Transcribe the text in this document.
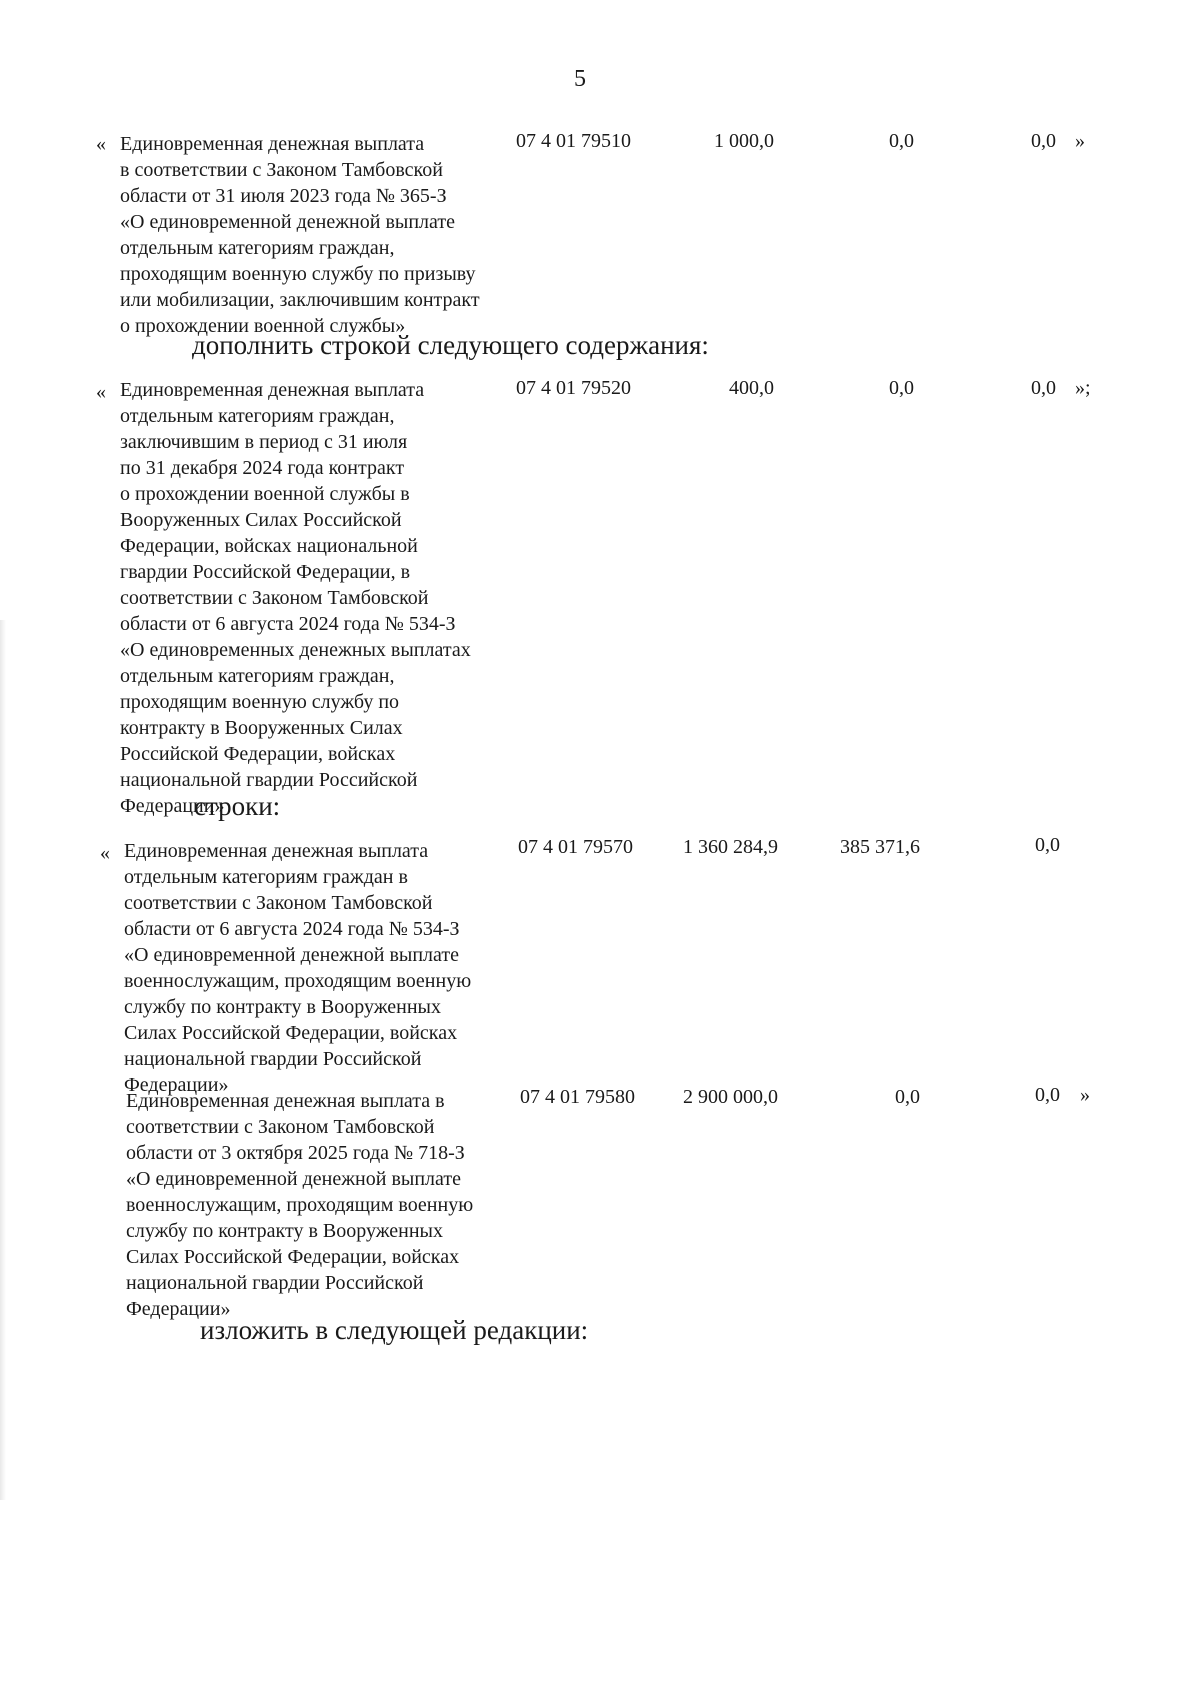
5
« Единовременная денежная выплата
в соответствии с Законом Тамбовской
области от 31 июля 2023 года № 365-З
«О единовременной денежной выплате
отдельным категориям граждан,
проходящим военную службу по призыву
или мобилизации, заключившим контракт
о прохождении военной службы»
07 4 01 79510	1 000,0	0,0	0,0 »
дополнить строкой следующего содержания:
« Единовременная денежная выплата
отдельным категориям граждан,
заключившим в период с 31 июля
по 31 декабря 2024 года контракт
о прохождении военной службы в
Вооруженных Силах Российской
Федерации, войсках национальной
гвардии Российской Федерации, в
соответствии с Законом Тамбовской
области от 6 августа 2024 года № 534-З
«О единовременных денежных выплатах
отдельным категориям граждан,
проходящим военную службу по
контракту в Вооруженных Силах
Российской Федерации, войсках
национальной гвардии Российской
Федерации»
07 4 01 79520	400,0	0,0	0,0 »;
строки:
« Единовременная денежная выплата
отдельным категориям граждан в
соответствии с Законом Тамбовской
области от 6 августа 2024 года № 534-З
«О единовременной денежной выплате
военнослужащим, проходящим военную
службу по контракту в Вооруженных
Силах Российской Федерации, войсках
национальной гвардии Российской
Федерации»
07 4 01 79570	1 360 284,9	385 371,6	0,0
Единовременная денежная выплата в
соответствии с Законом Тамбовской
области от 3 октября 2025 года № 718-З
«О единовременной денежной выплате
военнослужащим, проходящим военную
службу по контракту в Вооруженных
Силах Российской Федерации, войсках
национальной гвардии Российской
Федерации»
07 4 01 79580	2 900 000,0	0,0	0,0 »
изложить в следующей редакции:
